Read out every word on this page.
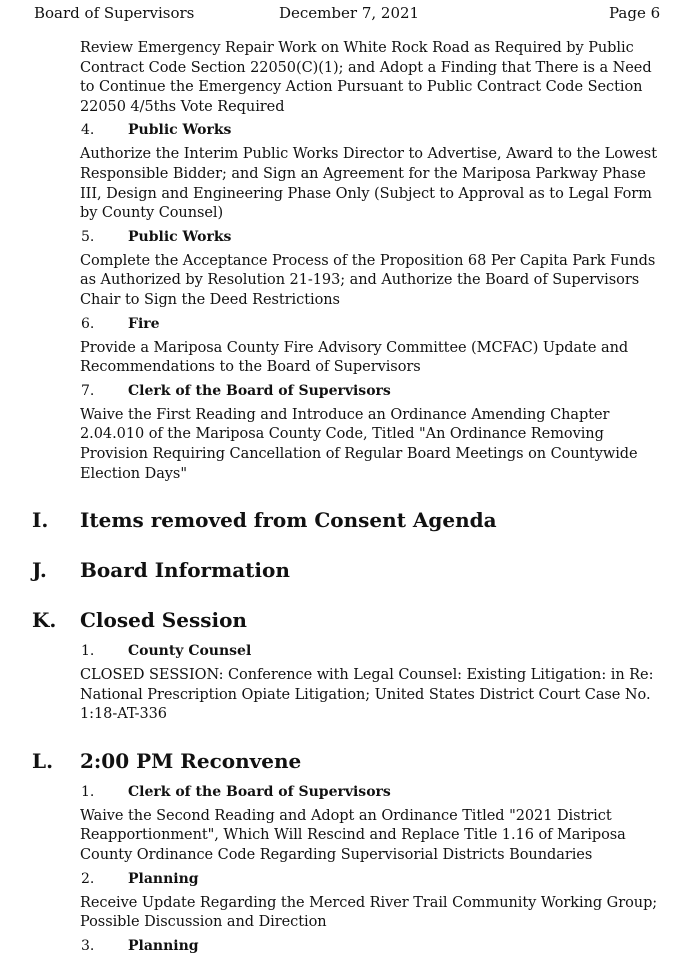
Board of Supervisors	December 7, 2021	Page 6

Review Emergency Repair Work on White Rock Road as Required by Public Contract Code Section 22050(C)(1); and Adopt a Finding that There is a Need to Continue the Emergency Action Pursuant to Public Contract Code Section 22050 4/5ths Vote Required

4. Public Works

Authorize the Interim Public Works Director to Advertise, Award to the Lowest Responsible Bidder; and Sign an Agreement for the Mariposa Parkway Phase III, Design and Engineering Phase Only (Subject to Approval as to Legal Form by County Counsel)

5. Public Works

Complete the Acceptance Process of the Proposition 68 Per Capita Park Funds as Authorized by Resolution 21-193; and Authorize the Board of Supervisors Chair to Sign the Deed Restrictions

6. Fire

Provide a Mariposa County Fire Advisory Committee (MCFAC) Update and Recommendations to the Board of Supervisors

7. Clerk of the Board of Supervisors

Waive the First Reading and Introduce an Ordinance Amending Chapter 2.04.010 of the Mariposa County Code, Titled "An Ordinance Removing Provision Requiring Cancellation of Regular Board Meetings on Countywide Election Days"

I. Items removed from Consent Agenda
J. Board Information
K. Closed Session
1. County Counsel

CLOSED SESSION: Conference with Legal Counsel: Existing Litigation: in Re: National Prescription Opiate Litigation; United States District Court Case No. 1:18-AT-336

L. 2:00 PM Reconvene
1. Clerk of the Board of Supervisors

Waive the Second Reading and Adopt an Ordinance Titled "2021 District Reapportionment", Which Will Rescind and Replace Title 1.16 of Mariposa County Ordinance Code Regarding Supervisorial Districts Boundaries

2. Planning

Receive Update Regarding the Merced River Trail Community Working Group; Possible Discussion and Direction

3. Planning
